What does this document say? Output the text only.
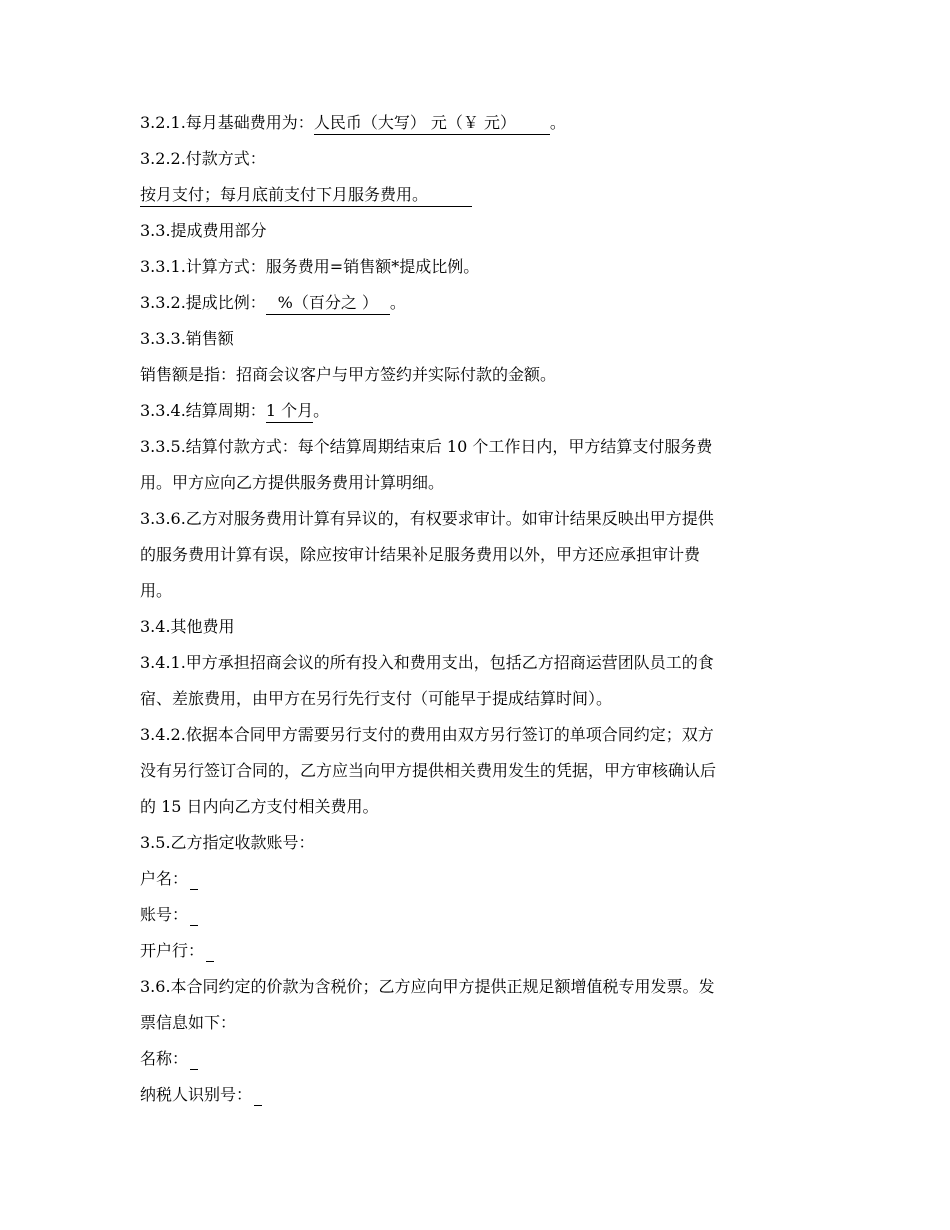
3.2.1.每月基础费用为：人民币（大写） 元（￥ 元） 。
3.2.2.付款方式：
按月支付；每月底前支付下月服务费用。
3.3.提成费用部分
3.3.1.计算方式：服务费用=销售额*提成比例。
3.3.2.提成比例： %（百分之 ） 。
3.3.3.销售额
销售额是指：招商会议客户与甲方签约并实际付款的金额。
3.3.4.结算周期：1 个月。
3.3.5.结算付款方式：每个结算周期结束后 10 个工作日内，甲方结算支付服务费
用。甲方应向乙方提供服务费用计算明细。
3.3.6.乙方对服务费用计算有异议的，有权要求审计。如审计结果反映出甲方提供
的服务费用计算有误，除应按审计结果补足服务费用以外，甲方还应承担审计费
用。
3.4.其他费用
3.4.1.甲方承担招商会议的所有投入和费用支出，包括乙方招商运营团队员工的食
宿、差旅费用，由甲方在另行先行支付（可能早于提成结算时间）。
3.4.2.依据本合同甲方需要另行支付的费用由双方另行签订的单项合同约定；双方
没有另行签订合同的，乙方应当向甲方提供相关费用发生的凭据，甲方审核确认后
的 15 日内向乙方支付相关费用。
3.5.乙方指定收款账号：
户名：
账号：
开户行：
3.6.本合同约定的价款为含税价；乙方应向甲方提供正规足额增值税专用发票。发
票信息如下：
名称：
纳税人识别号：
